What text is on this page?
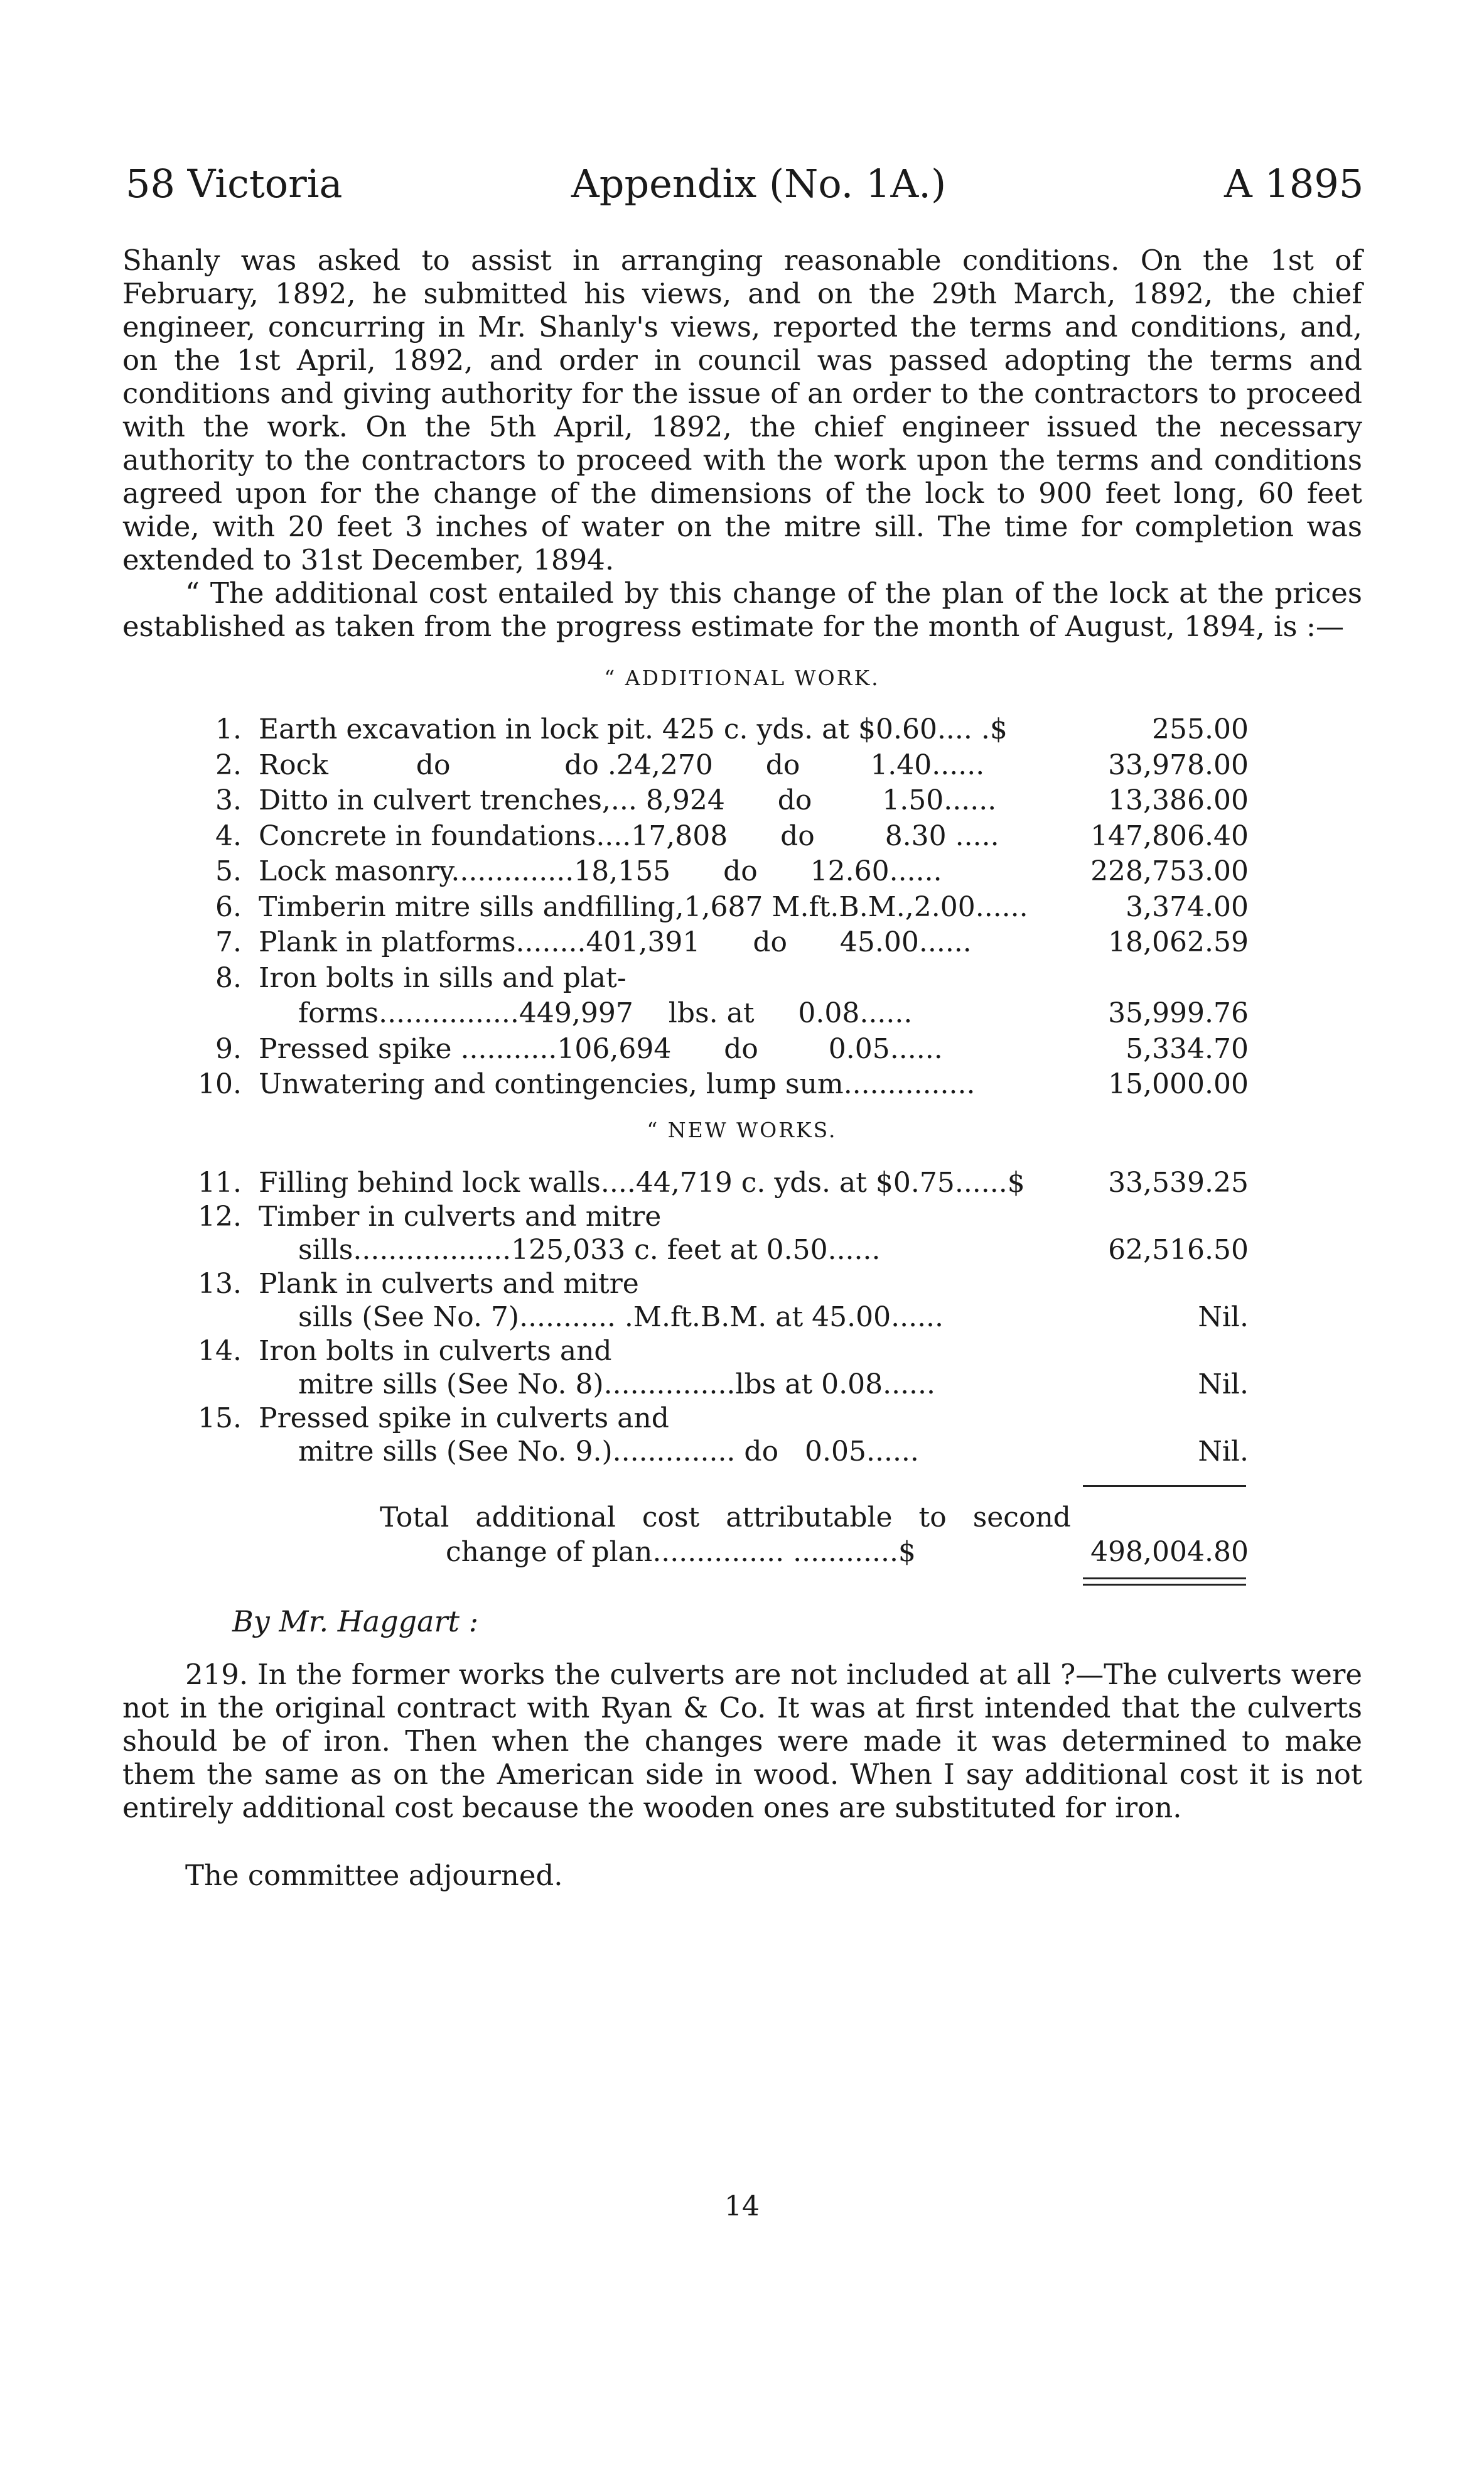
58 Victoria	Appendix (No. 1A.)	A 1895

Shanly was asked to assist in arranging reasonable conditions. On the 1st of February, 1892, he submitted his views, and on the 29th March, 1892, the chief engineer, concurring in Mr. Shanly's views, reported the terms and conditions, and, on the 1st April, 1892, and order in council was passed adopting the terms and conditions and giving authority for the issue of an order to the contractors to proceed with the work. On the 5th April, 1892, the chief engineer issued the necessary authority to the contractors to proceed with the work upon the terms and conditions agreed upon for the change of the dimensions of the lock to 900 feet long, 60 feet wide, with 20 feet 3 inches of water on the mitre sill. The time for completion was extended to 31st December, 1894.

“ The additional cost entailed by this change of the plan of the lock at the prices established as taken from the progress estimate for the month of August, 1894, is :—

“ ADDITIONAL WORK.
1. Earth excavation in lock pit. 425 c. yds. at $0.60.... .$	255.00
2. Rock          do             do .24,270      do        1.40......	33,978.00
3. Ditto in culvert trenches,... 8,924      do        1.50......	13,386.00
4. Concrete in foundations....17,808      do        8.30 .....	147,806.40
5. Lock masonry..............18,155      do      12.60......	228,753.00
6. Timberin mitre sills andfilling,1,687 M.ft.B.M.,2.00......	3,374.00
7. Plank in platforms........401,391      do      45.00......	18,062.59
8. Iron bolts in sills and plat-
forms................449,997    lbs. at     0.08......	35,999.76
9. Pressed spike ...........106,694      do        0.05......	5,334.70
10. Unwatering and contingencies, lump sum...............	15,000.00
“ NEW WORKS.
11. Filling behind lock walls....44,719 c. yds. at $0.75......$	33,539.25
12. Timber in culverts and mitre
sills..................125,033 c. feet at 0.50......	62,516.50
13. Plank in culverts and mitre
sills (See No. 7)........... .M.ft.B.M. at 45.00......	Nil.
14. Iron bolts in culverts and
mitre sills (See No. 8)...............lbs at 0.08......	Nil.
15. Pressed spike in culverts and
mitre sills (See No. 9.).............. do   0.05......	Nil.
Total   additional   cost   attributable   to   second
change of plan............... ............$	498,004.80
By Mr. Haggart :

219. In the former works the culverts are not included at all ?—The culverts were not in the original contract with Ryan & Co. It was at first intended that the culverts should be of iron. Then when the changes were made it was determined to make them the same as on the American side in wood. When I say additional cost it is not entirely additional cost because the wooden ones are substituted for iron.

The committee adjourned.

14
